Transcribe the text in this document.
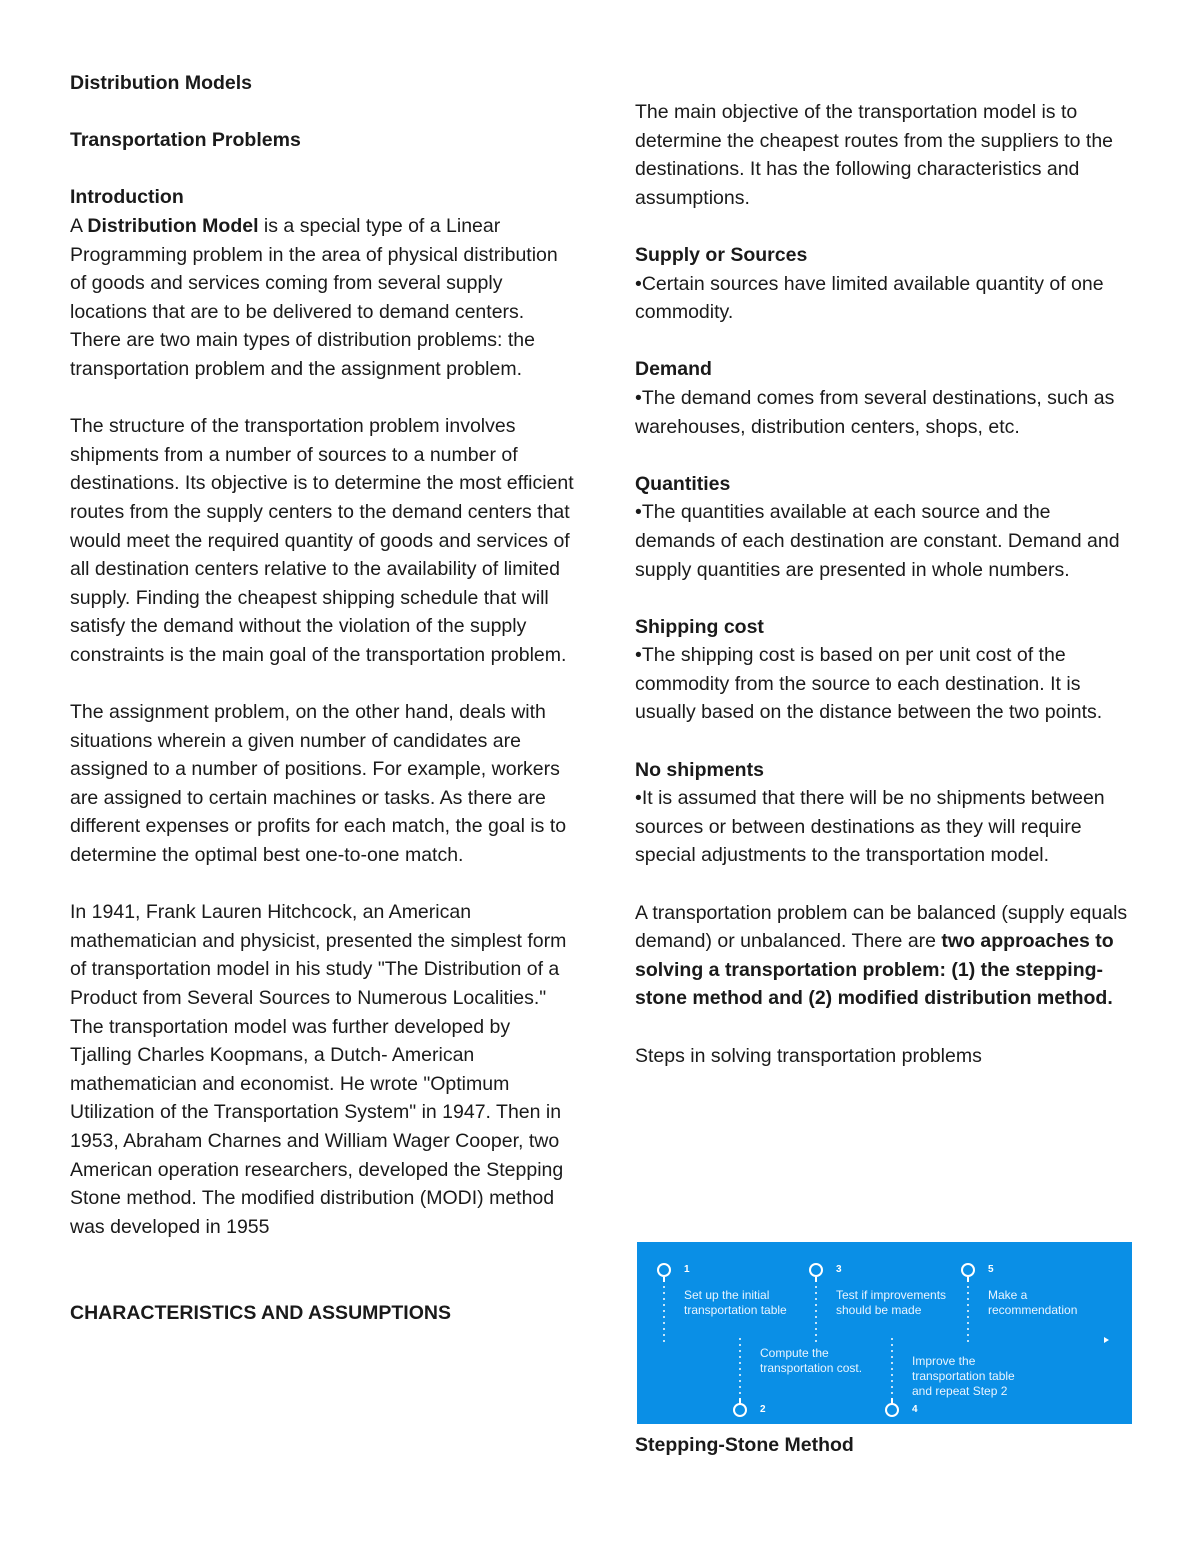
Distribution Models

Transportation Problems

Introduction

A Distribution Model is a special type of a Linear Programming problem in the area of physical distribution of goods and services coming from several supply locations that are to be delivered to demand centers. There are two main types of distribution problems: the transportation problem and the assignment problem.

The structure of the transportation problem involves shipments from a number of sources to a number of destinations. Its objective is to determine the most efficient routes from the supply centers to the demand centers that would meet the required quantity of goods and services of all destination centers relative to the availability of limited supply. Finding the cheapest shipping schedule that will satisfy the demand without the violation of the supply constraints is the main goal of the transportation problem.

The assignment problem, on the other hand, deals with situations wherein a given number of candidates are assigned to a number of positions. For example, workers are assigned to certain machines or tasks. As there are different expenses or profits for each match, the goal is to determine the optimal best one-to-one match.

In 1941, Frank Lauren Hitchcock, an American mathematician and physicist, presented the simplest form of transportation model in his study "The Distribution of a Product from Several Sources to Numerous Localities." The transportation model was further developed by Tjalling Charles Koopmans, a Dutch- American mathematician and economist. He wrote "Optimum Utilization of the Transportation System" in 1947. Then in 1953, Abraham Charnes and William Wager Cooper, two American operation researchers, developed the Stepping Stone method. The modified distribution (MODI) method was developed in 1955

CHARACTERISTICS AND ASSUMPTIONS

The main objective of the transportation model is to determine the cheapest routes from the suppliers to the destinations. It has the following characteristics and assumptions.

Supply or Sources

•Certain sources have limited available quantity of one commodity.

Demand

•The demand comes from several destinations, such as warehouses, distribution centers, shops, etc.

Quantities

•The quantities available at each source and the demands of each destination are constant. Demand and supply quantities are presented in whole numbers.

Shipping cost

•The shipping cost is based on per unit cost of the commodity from the source to each destination. It is usually based on the distance between the two points.

No shipments

•It is assumed that there will be no shipments between sources or between destinations as they will require special adjustments to the transportation model.

A transportation problem can be balanced (supply equals demand) or unbalanced. There are two approaches to solving a transportation problem: (1) the stepping-stone method and (2) modified distribution method.

Steps in solving transportation problems

1
Set up the initial transportation table
2
Compute the transportation cost.
3
Test if improvements should be made
4
Improve the transportation table and repeat Step 2
5
Make a recommendation
Stepping-Stone Method
